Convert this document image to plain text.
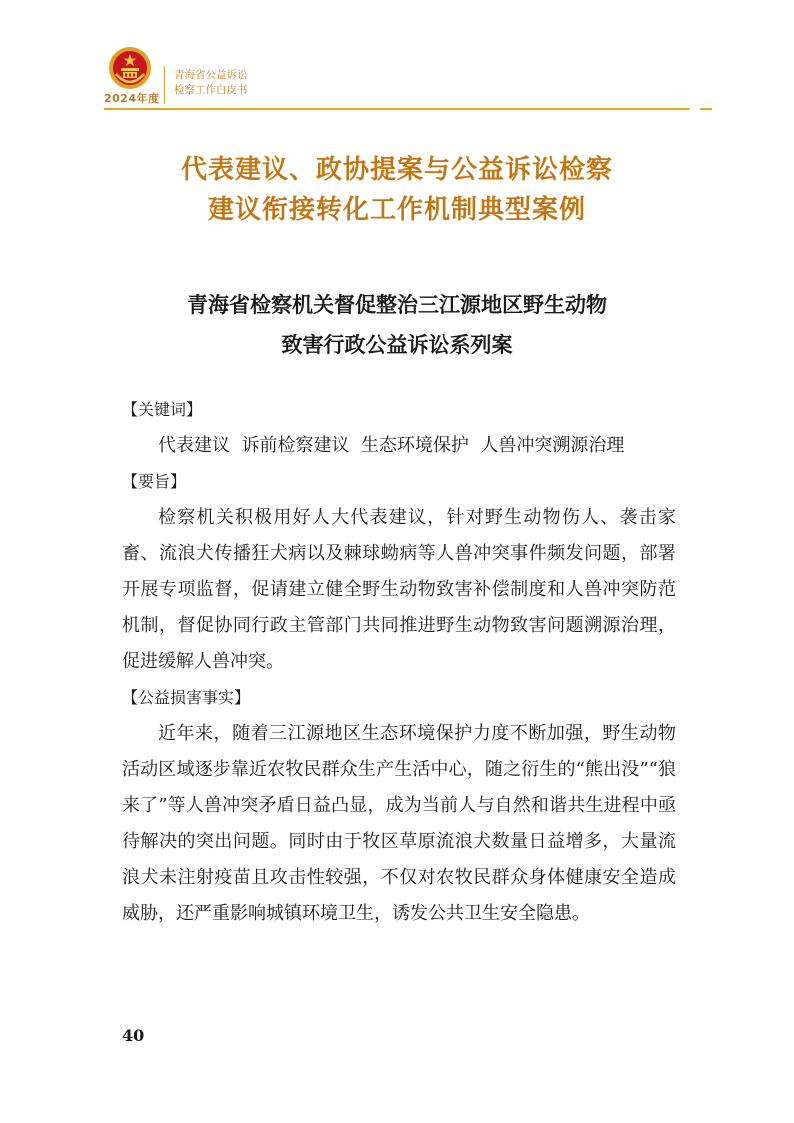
2024年度
青海省公益诉讼
检察工作白皮书
代表建议、政协提案与公益诉讼检察
建议衔接转化工作机制典型案例
青海省检察机关督促整治三江源地区野生动物
致害行政公益诉讼系列案
【关键词】

代表建议  诉前检察建议  生态环境保护  人兽冲突溯源治理

【要旨】

检察机关积极用好人大代表建议，针对野生动物伤人、袭击家畜、流浪犬传播狂犬病以及棘球蚴病等人兽冲突事件频发问题，部署开展专项监督，促请建立健全野生动物致害补偿制度和人兽冲突防范机制，督促协同行政主管部门共同推进野生动物致害问题溯源治理，促进缓解人兽冲突。

【公益损害事实】

近年来，随着三江源地区生态环境保护力度不断加强，野生动物活动区域逐步靠近农牧民群众生产生活中心，随之衍生的“熊出没”“狼来了”等人兽冲突矛盾日益凸显，成为当前人与自然和谐共生进程中亟待解决的突出问题。同时由于牧区草原流浪犬数量日益增多，大量流浪犬未注射疫苗且攻击性较强，不仅对农牧民群众身体健康安全造成威胁，还严重影响城镇环境卫生，诱发公共卫生安全隐患。

40
